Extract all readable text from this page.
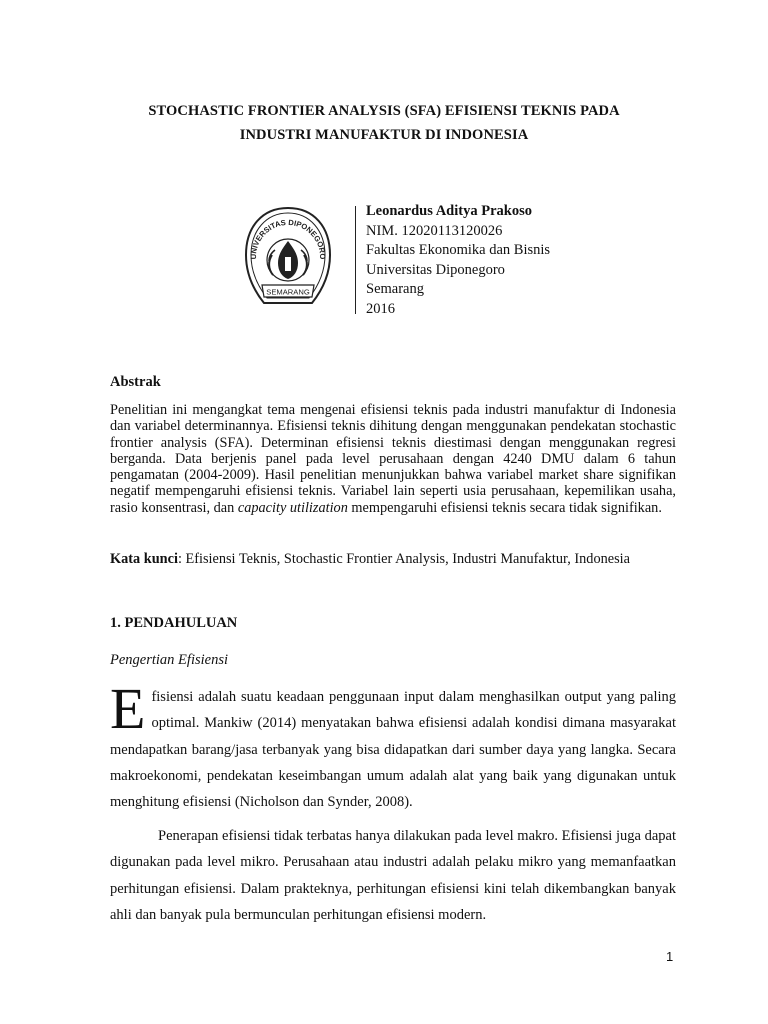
STOCHASTIC FRONTIER ANALYSIS (SFA) EFISIENSI TEKNIS PADA
INDUSTRI MANUFAKTUR DI INDONESIA
UNIVERSITAS DIPONEGORO
SEMARANG
Leonardus Aditya Prakoso
NIM. 12020113120026
Fakultas Ekonomika dan Bisnis
Universitas Diponegoro
Semarang
2016
Abstrak
Penelitian ini mengangkat tema mengenai efisiensi teknis pada industri manufaktur di Indonesia dan variabel determinannya. Efisiensi teknis dihitung dengan menggunakan pendekatan stochastic frontier analysis (SFA). Determinan efisiensi teknis diestimasi dengan menggunakan regresi berganda. Data berjenis panel pada level perusahaan dengan 4240 DMU dalam 6 tahun pengamatan (2004-2009). Hasil penelitian menunjukkan bahwa variabel market share signifikan negatif mempengaruhi efisiensi teknis. Variabel lain seperti usia perusahaan, kepemilikan usaha, rasio konsentrasi, dan capacity utilization mempengaruhi efisiensi teknis secara tidak signifikan.
Kata kunci: Efisiensi Teknis, Stochastic Frontier Analysis, Industri Manufaktur, Indonesia
1. PENDAHULUAN
Pengertian Efisiensi
Efisiensi adalah suatu keadaan penggunaan input dalam menghasilkan output yang paling optimal. Mankiw (2014) menyatakan bahwa efisiensi adalah kondisi dimana masyarakat mendapatkan barang/jasa terbanyak yang bisa didapatkan dari sumber daya yang langka. Secara makroekonomi, pendekatan keseimbangan umum adalah alat yang baik yang digunakan untuk menghitung efisiensi (Nicholson dan Synder, 2008).
Penerapan efisiensi tidak terbatas hanya dilakukan pada level makro. Efisiensi juga dapat digunakan pada level mikro. Perusahaan atau industri adalah pelaku mikro yang memanfaatkan perhitungan efisiensi. Dalam prakteknya, perhitungan efisiensi kini telah dikembangkan banyak ahli dan banyak pula bermunculan perhitungan efisiensi modern.
1
